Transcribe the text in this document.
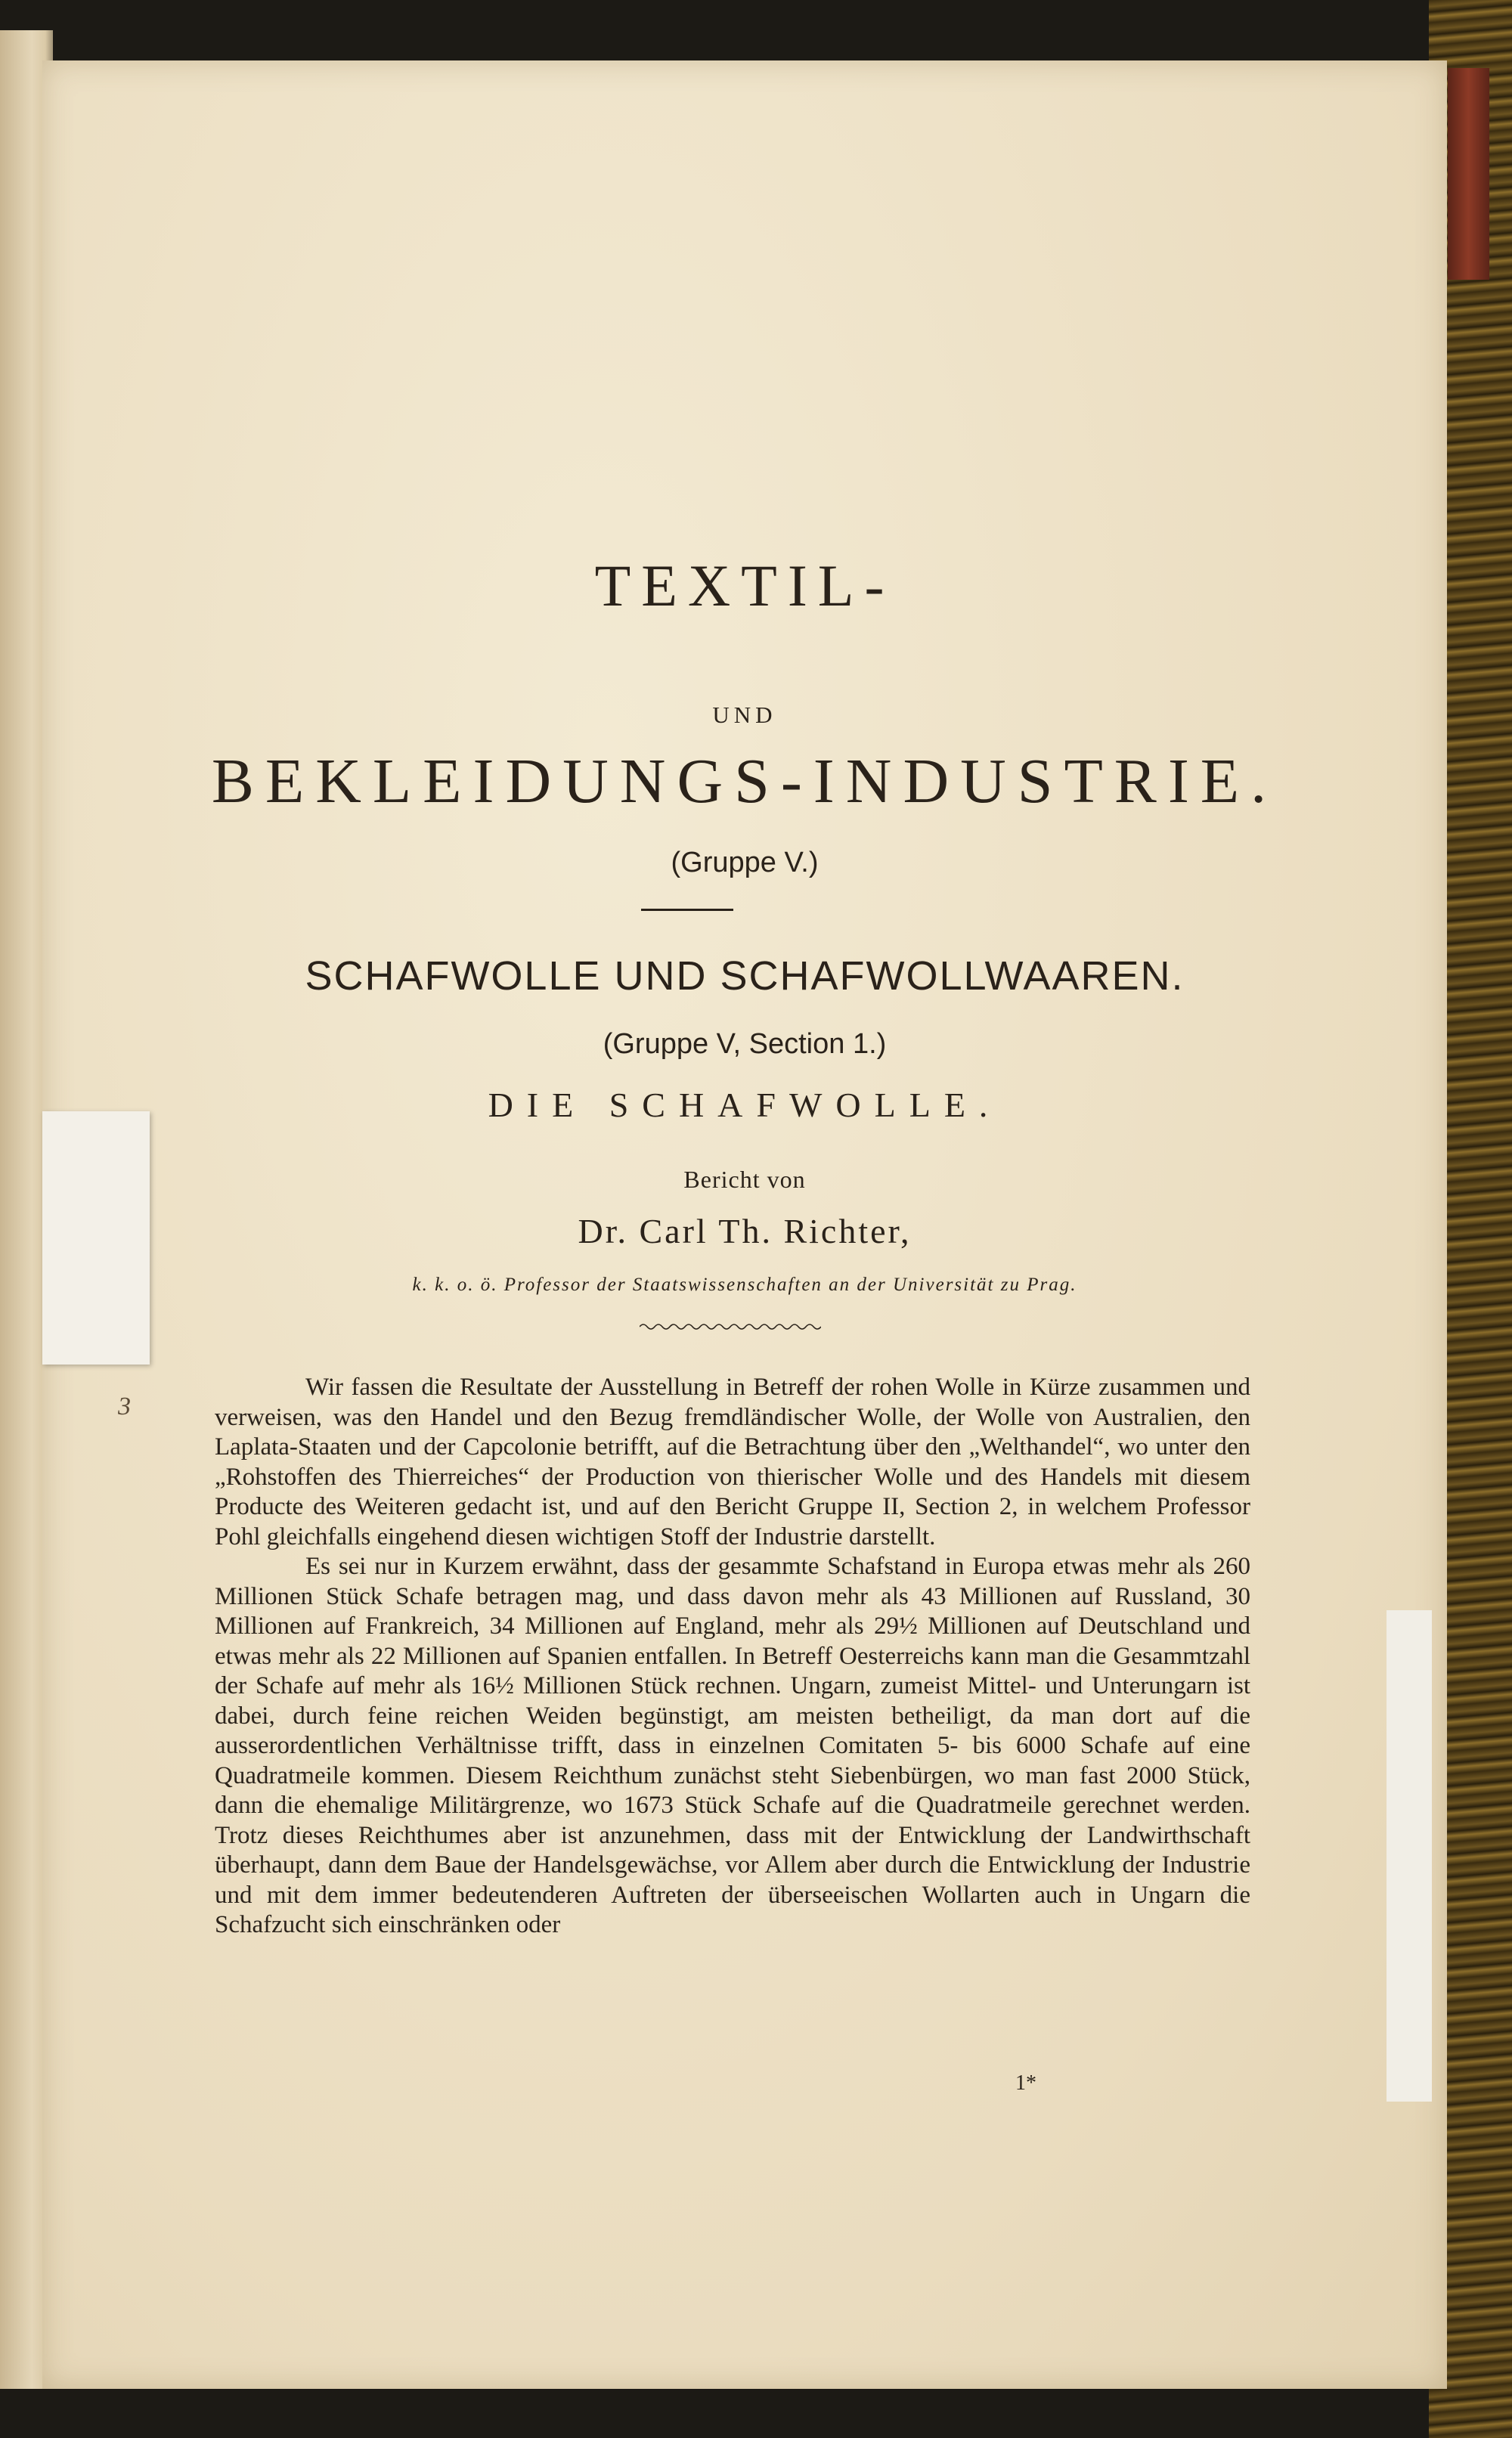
TEXTIL-
UND
BEKLEIDUNGS-INDUSTRIE.
(Gruppe V.)
SCHAFWOLLE UND SCHAFWOLLWAAREN.
(Gruppe V, Section 1.)
DIE SCHAFWOLLE.
Bericht von
Dr. Carl Th. Richter,
k. k. o. ö. Professor der Staatswissenschaften an der Universität zu Prag.
3

Wir fassen die Resultate der Ausstellung in Betreff der rohen Wolle in Kürze zusammen und verweisen, was den Handel und den Bezug fremdländischer Wolle, der Wolle von Australien, den Laplata-Staaten und der Capcolonie betrifft, auf die Betrachtung über den „Welthandel“, wo unter den „Rohstoffen des Thierreiches“ der Production von thierischer Wolle und des Handels mit diesem Producte des Weiteren gedacht ist, und auf den Bericht Gruppe II, Section 2, in welchem Professor Pohl gleichfalls eingehend diesen wichtigen Stoff der Industrie darstellt.

Es sei nur in Kurzem erwähnt, dass der gesammte Schafstand in Europa etwas mehr als 260 Millionen Stück Schafe betragen mag, und dass davon mehr als 43 Millionen auf Russland, 30 Millionen auf Frankreich, 34 Millionen auf England, mehr als 29½ Millionen auf Deutschland und etwas mehr als 22 Millionen auf Spanien entfallen. In Betreff Oesterreichs kann man die Gesammtzahl der Schafe auf mehr als 16½ Millionen Stück rechnen. Ungarn, zumeist Mittel- und Unterungarn ist dabei, durch feine reichen Weiden begünstigt, am meisten betheiligt, da man dort auf die ausserordentlichen Verhältnisse trifft, dass in einzelnen Comitaten 5- bis 6000 Schafe auf eine Quadratmeile kommen. Diesem Reichthum zunächst steht Siebenbürgen, wo man fast 2000 Stück, dann die ehemalige Militärgrenze, wo 1673 Stück Schafe auf die Quadratmeile gerechnet werden. Trotz dieses Reichthumes aber ist anzunehmen, dass mit der Entwicklung der Landwirthschaft überhaupt, dann dem Baue der Handelsgewächse, vor Allem aber durch die Entwicklung der Industrie und mit dem immer bedeutenderen Auftreten der überseeischen Wollarten auch in Ungarn die Schafzucht sich einschränken oder

1*
